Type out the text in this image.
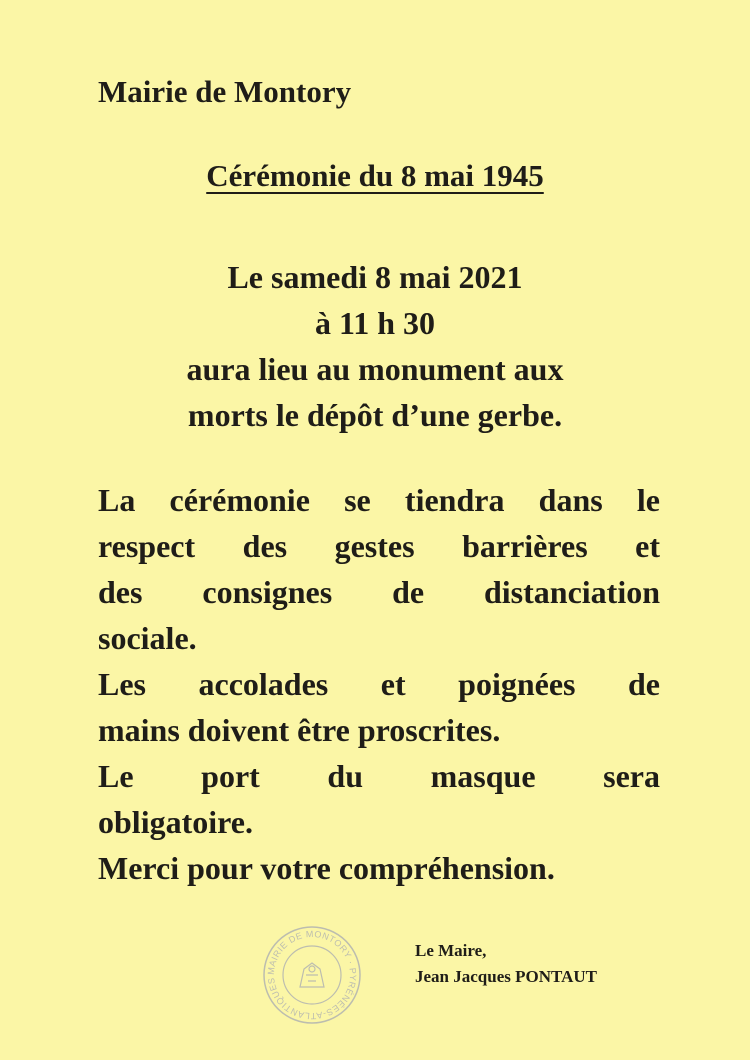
Mairie de Montory
Cérémonie du 8 mai 1945
Le samedi 8 mai 2021
à 11 h 30
aura lieu au monument aux
morts le dépôt d’une gerbe.
La cérémonie se tiendra dans le
respect des gestes barrières et
des consignes de distanciation
sociale.
Les accolades et poignées de
mains doivent être proscrites.
Le port du masque sera
obligatoire.
Merci pour votre compréhension.
MAIRIE DE MONTORY · PYRÉNÉES-ATLANTIQUES
Le Maire,
Jean Jacques PONTAUT
